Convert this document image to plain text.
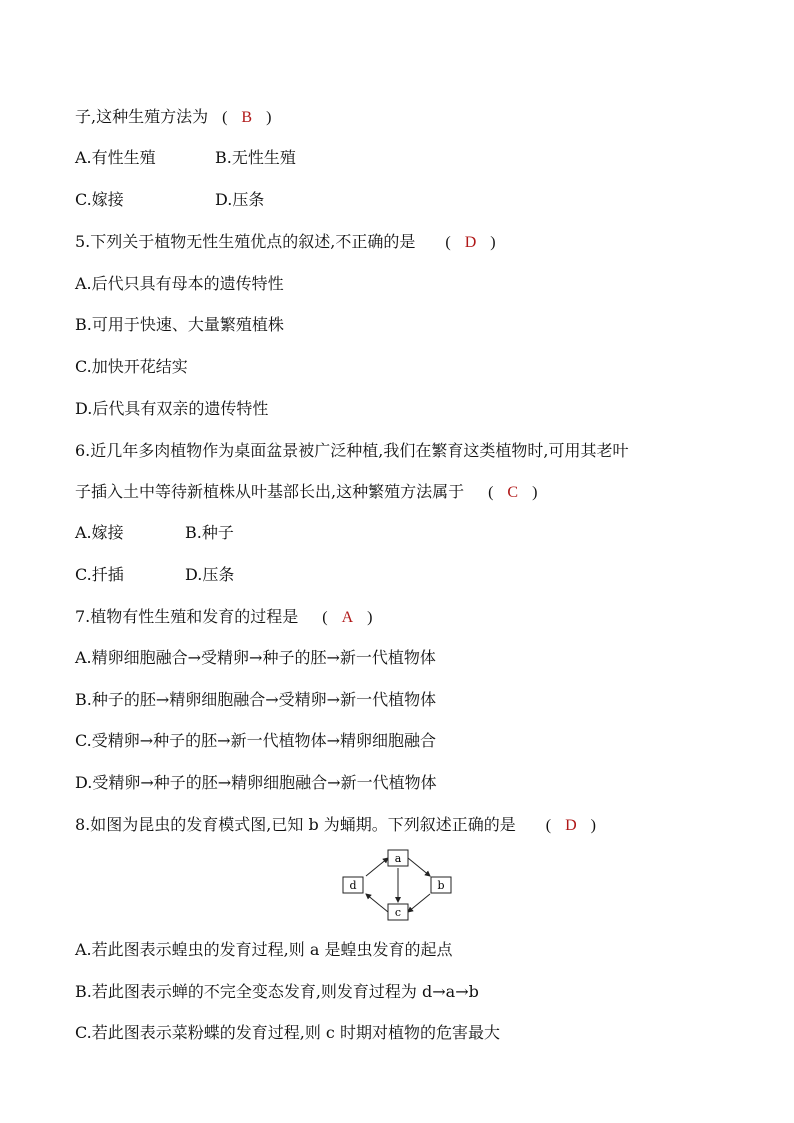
子,这种生殖方法为 ( B )
A.有性生殖	B.无性生殖
C.嫁接	D.压条
5.下列关于植物无性生殖优点的叙述,不正确的是 ( D )
A.后代只具有母本的遗传特性
B.可用于快速、大量繁殖植株
C.加快开花结实
D.后代具有双亲的遗传特性
6.近几年多肉植物作为桌面盆景被广泛种植,我们在繁育这类植物时,可用其老叶
子插入土中等待新植株从叶基部长出,这种繁殖方法属于 ( C )
A.嫁接	B.种子
C.扦插	D.压条
7.植物有性生殖和发育的过程是 ( A )
A.精卵细胞融合→受精卵→种子的胚→新一代植物体
B.种子的胚→精卵细胞融合→受精卵→新一代植物体
C.受精卵→种子的胚→新一代植物体→精卵细胞融合
D.受精卵→种子的胚→精卵细胞融合→新一代植物体
8.如图为昆虫的发育模式图,已知 b 为蛹期。下列叙述正确的是 ( D )
a
b
c
d
A.若此图表示蝗虫的发育过程,则 a 是蝗虫发育的起点
B.若此图表示蝉的不完全变态发育,则发育过程为 d→a→b
C.若此图表示菜粉蝶的发育过程,则 c 时期对植物的危害最大
